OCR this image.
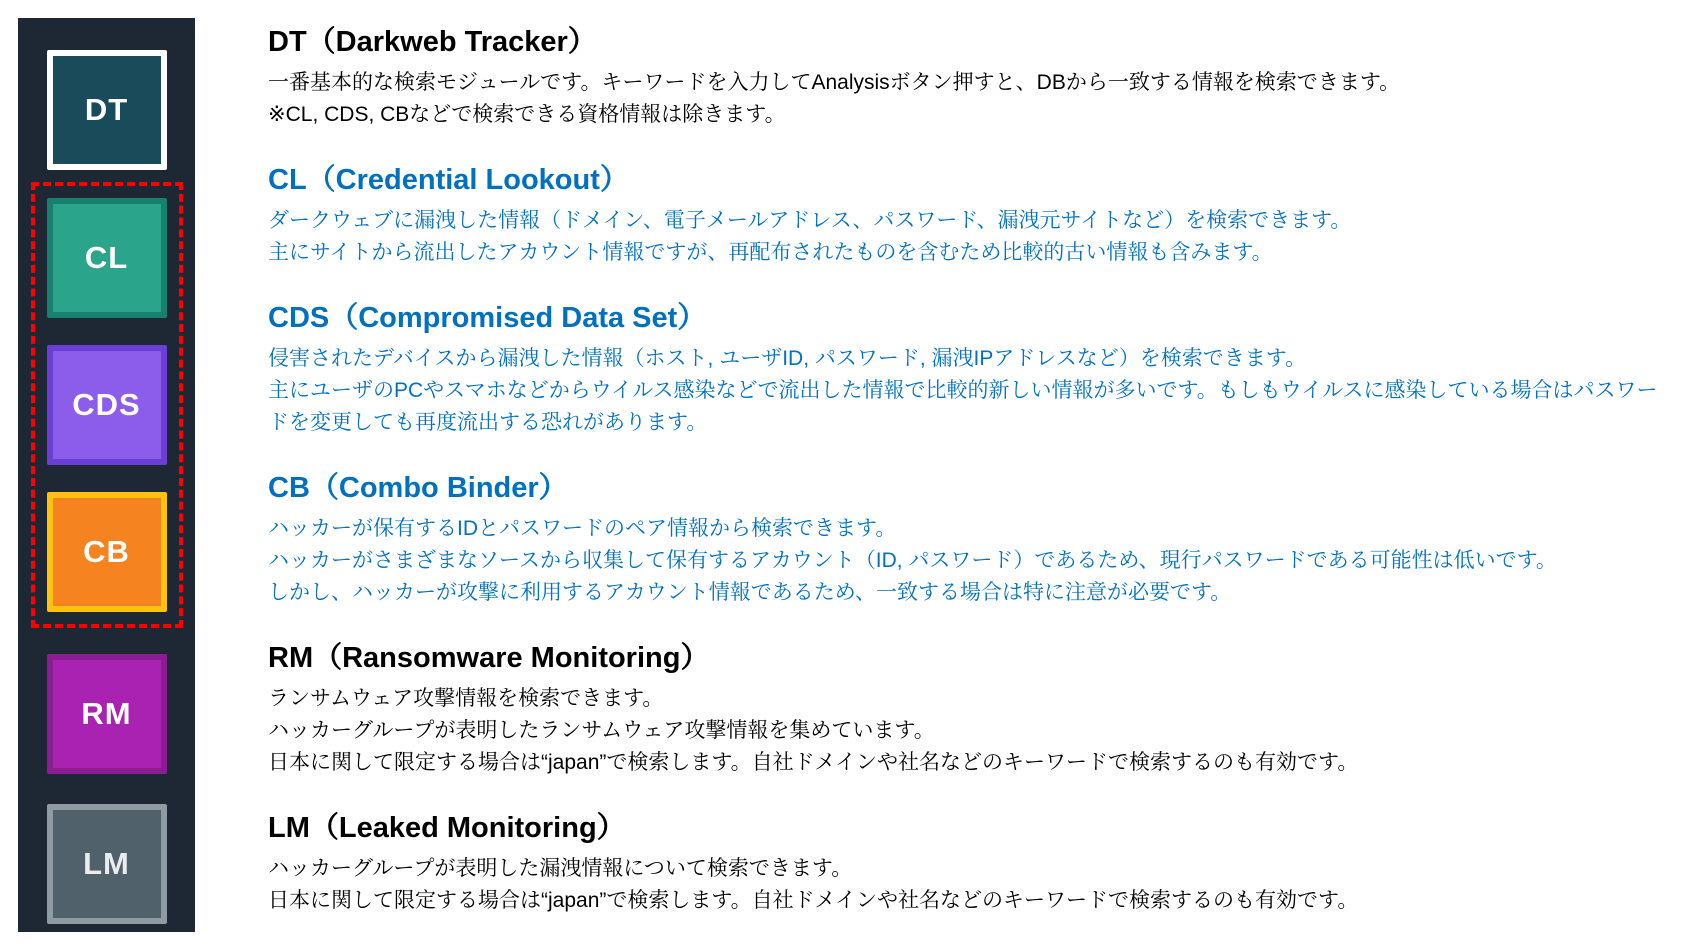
DT
CL
CDS
CB
RM
LM
DT（Darkweb Tracker）

一番基本的な検索モジュールです。キーワードを入力してAnalysisボタン押すと、DBから一致する情報を検索できます。

※CL, CDS, CBなどで検索できる資格情報は除きます。

CL（Credential Lookout）

ダークウェブに漏洩した情報（ドメイン、電子メールアドレス、パスワード、漏洩元サイトなど）を検索できます。

主にサイトから流出したアカウント情報ですが、再配布されたものを含むため比較的古い情報も含みます。

CDS（Compromised Data Set）

侵害されたデバイスから漏洩した情報（ホスト, ユーザID, パスワード, 漏洩IPアドレスなど）を検索できます。

主にユーザのPCやスマホなどからウイルス感染などで流出した情報で比較的新しい情報が多いです。もしもウイルスに感染している場合はパスワードを変更しても再度流出する恐れがあります。

CB（Combo Binder）

ハッカーが保有するIDとパスワードのペア情報から検索できます。

ハッカーがさまざまなソースから収集して保有するアカウント（ID, パスワード）であるため、現行パスワードである可能性は低いです。

しかし、ハッカーが攻撃に利用するアカウント情報であるため、一致する場合は特に注意が必要です。

RM（Ransomware Monitoring）

ランサムウェア攻撃情報を検索できます。

ハッカーグループが表明したランサムウェア攻撃情報を集めています。

日本に関して限定する場合は“japan”で検索します。自社ドメインや社名などのキーワードで検索するのも有効です。

LM（Leaked Monitoring）

ハッカーグループが表明した漏洩情報について検索できます。

日本に関して限定する場合は“japan”で検索します。自社ドメインや社名などのキーワードで検索するのも有効です。
